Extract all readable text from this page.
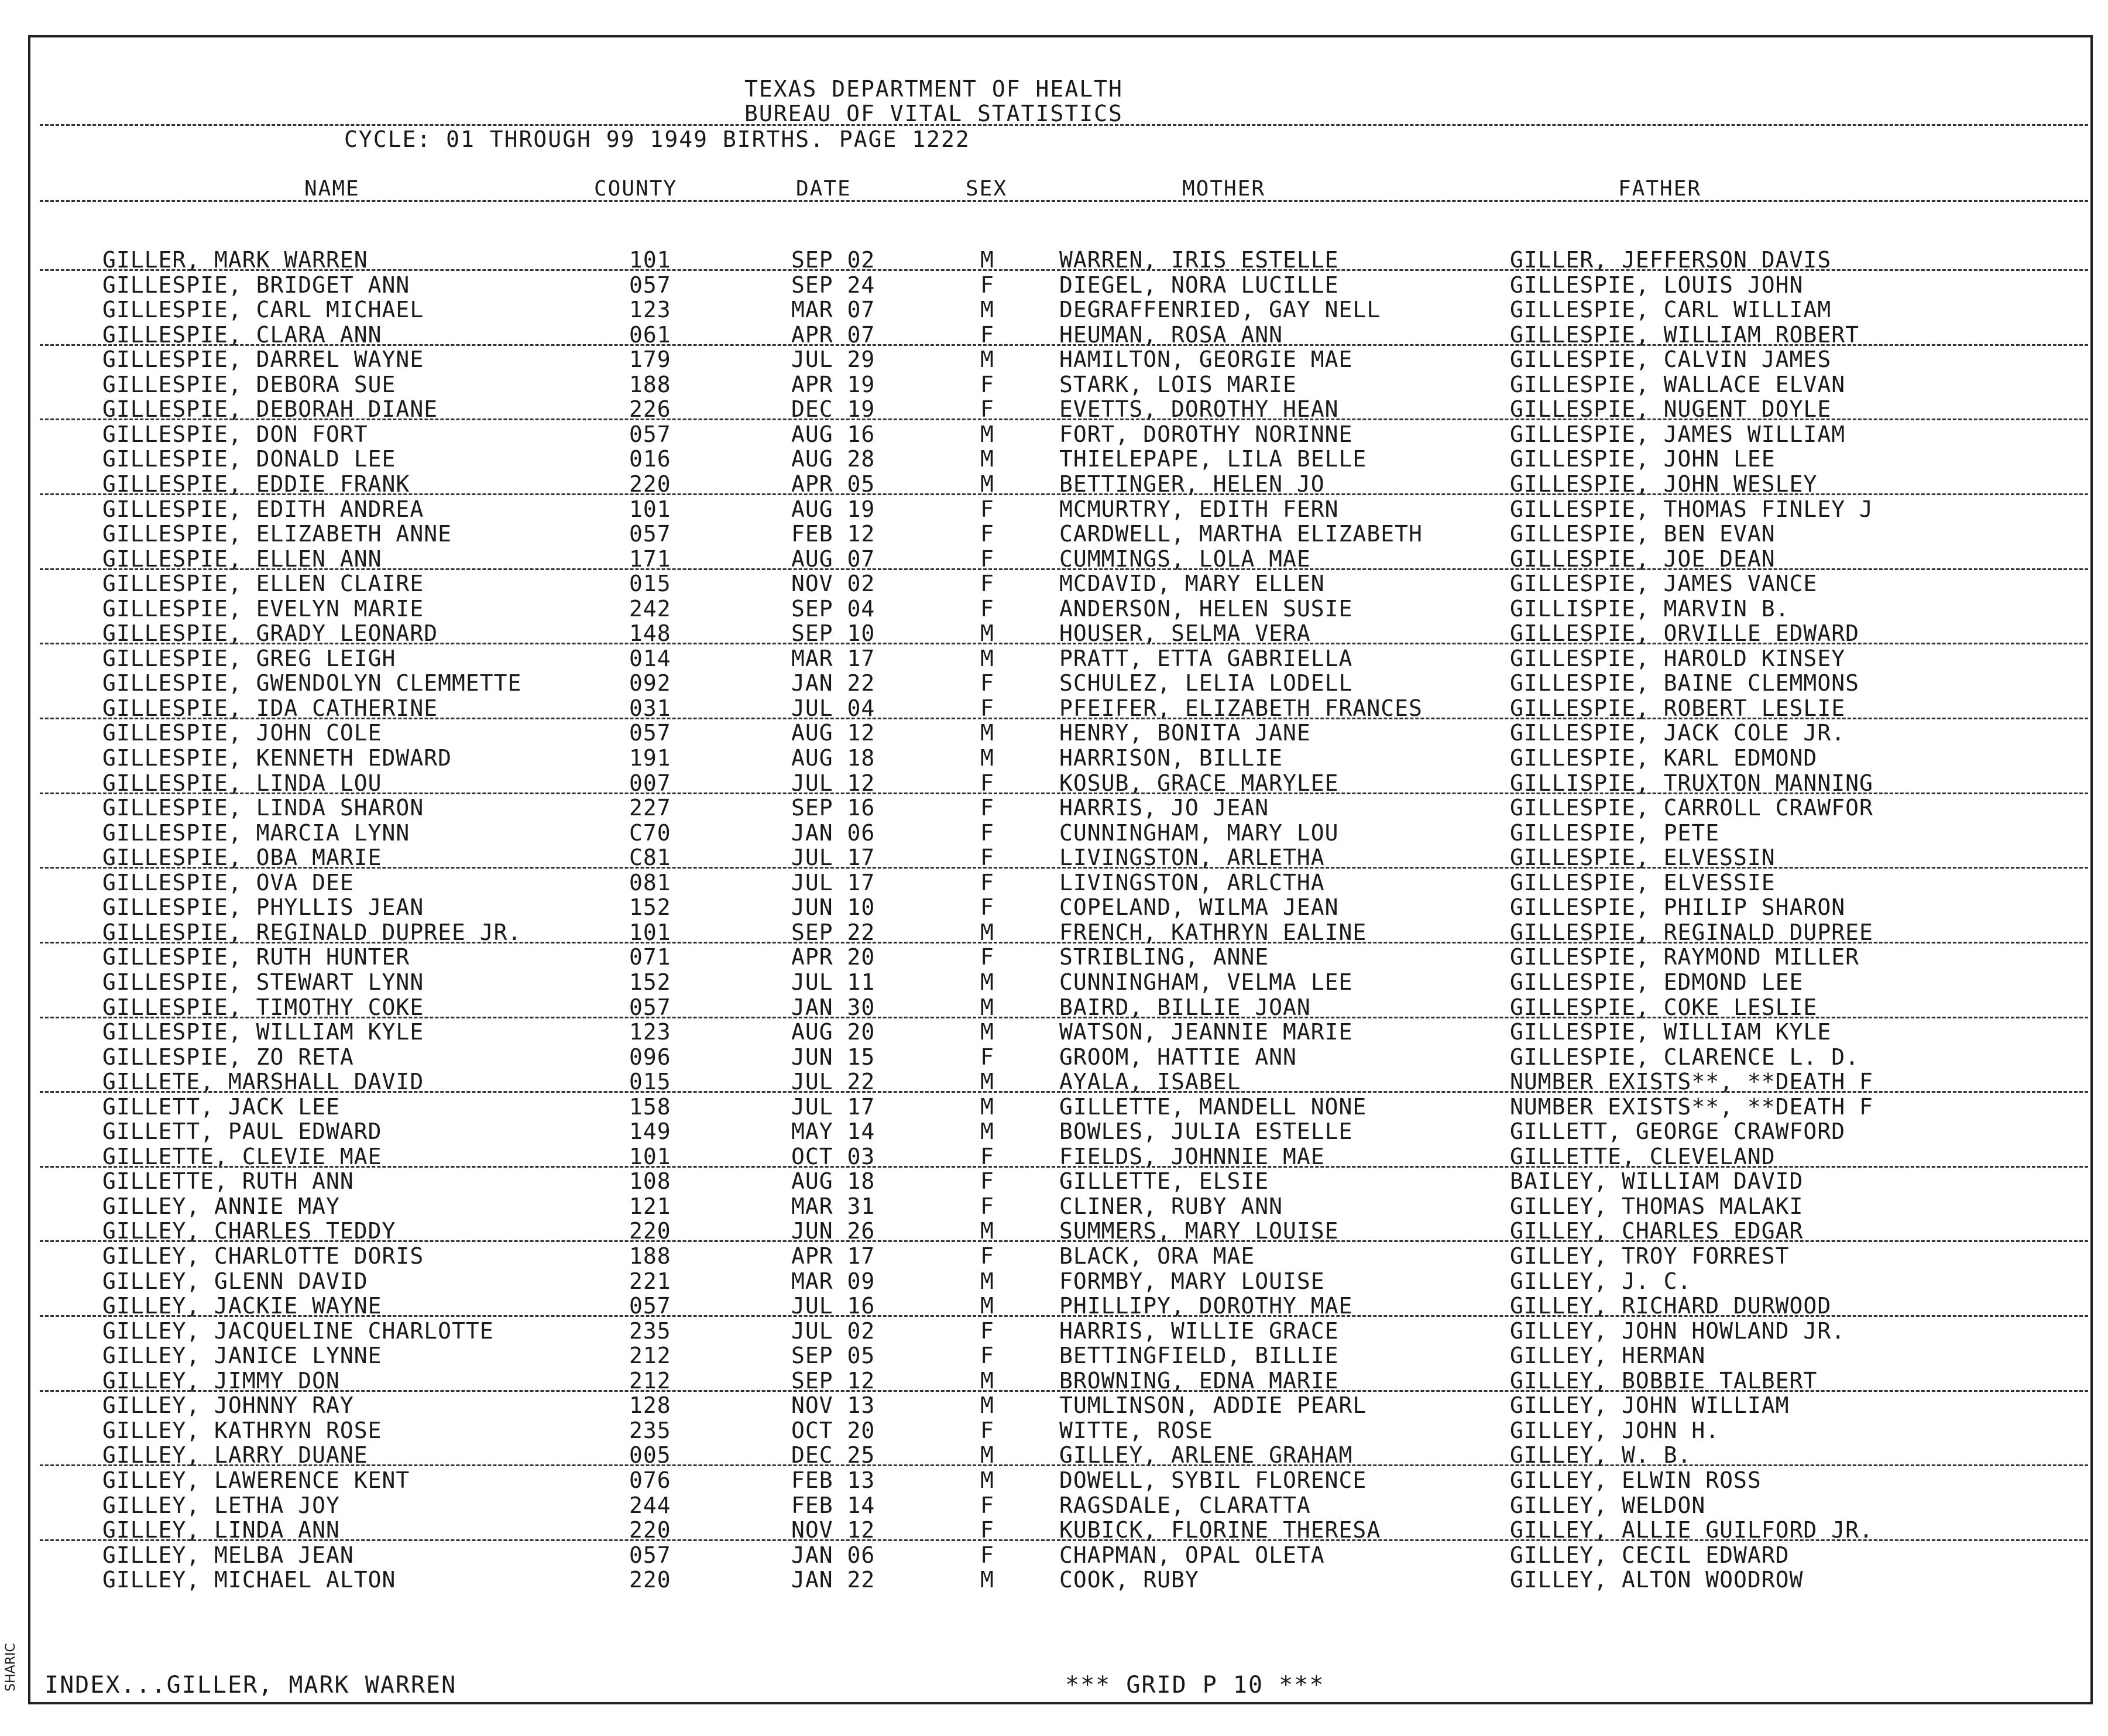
TEXAS DEPARTMENT OF HEALTH
BUREAU OF VITAL STATISTICS
CYCLE: 01 THROUGH 99 1949 BIRTHS. PAGE 1222
NAME	COUNTY	DATE	SEX	MOTHER	FATHER
GILLER, MARK WARREN	101	SEP 02	M	WARREN, IRIS ESTELLE	GILLER, JEFFERSON DAVIS
GILLESPIE, BRIDGET ANN	057	SEP 24	F	DIEGEL, NORA LUCILLE	GILLESPIE, LOUIS JOHN
GILLESPIE, CARL MICHAEL	123	MAR 07	M	DEGRAFFENRIED, GAY NELL	GILLESPIE, CARL WILLIAM
GILLESPIE, CLARA ANN	061	APR 07	F	HEUMAN, ROSA ANN	GILLESPIE, WILLIAM ROBERT
GILLESPIE, DARREL WAYNE	179	JUL 29	M	HAMILTON, GEORGIE MAE	GILLESPIE, CALVIN JAMES
GILLESPIE, DEBORA SUE	188	APR 19	F	STARK, LOIS MARIE	GILLESPIE, WALLACE ELVAN
GILLESPIE, DEBORAH DIANE	226	DEC 19	F	EVETTS, DOROTHY HEAN	GILLESPIE, NUGENT DOYLE
GILLESPIE, DON FORT	057	AUG 16	M	FORT, DOROTHY NORINNE	GILLESPIE, JAMES WILLIAM
GILLESPIE, DONALD LEE	016	AUG 28	M	THIELEPAPE, LILA BELLE	GILLESPIE, JOHN LEE
GILLESPIE, EDDIE FRANK	220	APR 05	M	BETTINGER, HELEN JO	GILLESPIE, JOHN WESLEY
GILLESPIE, EDITH ANDREA	101	AUG 19	F	MCMURTRY, EDITH FERN	GILLESPIE, THOMAS FINLEY J
GILLESPIE, ELIZABETH ANNE	057	FEB 12	F	CARDWELL, MARTHA ELIZABETH	GILLESPIE, BEN EVAN
GILLESPIE, ELLEN ANN	171	AUG 07	F	CUMMINGS, LOLA MAE	GILLESPIE, JOE DEAN
GILLESPIE, ELLEN CLAIRE	015	NOV 02	F	MCDAVID, MARY ELLEN	GILLESPIE, JAMES VANCE
GILLESPIE, EVELYN MARIE	242	SEP 04	F	ANDERSON, HELEN SUSIE	GILLISPIE, MARVIN B.
GILLESPIE, GRADY LEONARD	148	SEP 10	M	HOUSER, SELMA VERA	GILLESPIE, ORVILLE EDWARD
GILLESPIE, GREG LEIGH	014	MAR 17	M	PRATT, ETTA GABRIELLA	GILLESPIE, HAROLD KINSEY
GILLESPIE, GWENDOLYN CLEMMETTE	092	JAN 22	F	SCHULEZ, LELIA LODELL	GILLESPIE, BAINE CLEMMONS
GILLESPIE, IDA CATHERINE	031	JUL 04	F	PFEIFER, ELIZABETH FRANCES	GILLESPIE, ROBERT LESLIE
GILLESPIE, JOHN COLE	057	AUG 12	M	HENRY, BONITA JANE	GILLESPIE, JACK COLE JR.
GILLESPIE, KENNETH EDWARD	191	AUG 18	M	HARRISON, BILLIE	GILLESPIE, KARL EDMOND
GILLESPIE, LINDA LOU	007	JUL 12	F	KOSUB, GRACE MARYLEE	GILLISPIE, TRUXTON MANNING
GILLESPIE, LINDA SHARON	227	SEP 16	F	HARRIS, JO JEAN	GILLESPIE, CARROLL CRAWFOR
GILLESPIE, MARCIA LYNN	C70	JAN 06	F	CUNNINGHAM, MARY LOU	GILLESPIE, PETE
GILLESPIE, OBA MARIE	C81	JUL 17	F	LIVINGSTON, ARLETHA	GILLESPIE, ELVESSIN
GILLESPIE, OVA DEE	081	JUL 17	F	LIVINGSTON, ARLCTHA	GILLESPIE, ELVESSIE
GILLESPIE, PHYLLIS JEAN	152	JUN 10	F	COPELAND, WILMA JEAN	GILLESPIE, PHILIP SHARON
GILLESPIE, REGINALD DUPREE JR.	101	SEP 22	M	FRENCH, KATHRYN EALINE	GILLESPIE, REGINALD DUPREE
GILLESPIE, RUTH HUNTER	071	APR 20	F	STRIBLING, ANNE	GILLESPIE, RAYMOND MILLER
GILLESPIE, STEWART LYNN	152	JUL 11	M	CUNNINGHAM, VELMA LEE	GILLESPIE, EDMOND LEE
GILLESPIE, TIMOTHY COKE	057	JAN 30	M	BAIRD, BILLIE JOAN	GILLESPIE, COKE LESLIE
GILLESPIE, WILLIAM KYLE	123	AUG 20	M	WATSON, JEANNIE MARIE	GILLESPIE, WILLIAM KYLE
GILLESPIE, ZO RETA	096	JUN 15	F	GROOM, HATTIE ANN	GILLESPIE, CLARENCE L. D.
GILLETE, MARSHALL DAVID	015	JUL 22	M	AYALA, ISABEL	NUMBER EXISTS**, **DEATH F
GILLETT, JACK LEE	158	JUL 17	M	GILLETTE, MANDELL NONE	NUMBER EXISTS**, **DEATH F
GILLETT, PAUL EDWARD	149	MAY 14	M	BOWLES, JULIA ESTELLE	GILLETT, GEORGE CRAWFORD
GILLETTE, CLEVIE MAE	101	OCT 03	F	FIELDS, JOHNNIE MAE	GILLETTE, CLEVELAND
GILLETTE, RUTH ANN	108	AUG 18	F	GILLETTE, ELSIE	BAILEY, WILLIAM DAVID
GILLEY, ANNIE MAY	121	MAR 31	F	CLINER, RUBY ANN	GILLEY, THOMAS MALAKI
GILLEY, CHARLES TEDDY	220	JUN 26	M	SUMMERS, MARY LOUISE	GILLEY, CHARLES EDGAR
GILLEY, CHARLOTTE DORIS	188	APR 17	F	BLACK, ORA MAE	GILLEY, TROY FORREST
GILLEY, GLENN DAVID	221	MAR 09	M	FORMBY, MARY LOUISE	GILLEY, J. C.
GILLEY, JACKIE WAYNE	057	JUL 16	M	PHILLIPY, DOROTHY MAE	GILLEY, RICHARD DURWOOD
GILLEY, JACQUELINE CHARLOTTE	235	JUL 02	F	HARRIS, WILLIE GRACE	GILLEY, JOHN HOWLAND JR.
GILLEY, JANICE LYNNE	212	SEP 05	F	BETTINGFIELD, BILLIE	GILLEY, HERMAN
GILLEY, JIMMY DON	212	SEP 12	M	BROWNING, EDNA MARIE	GILLEY, BOBBIE TALBERT
GILLEY, JOHNNY RAY	128	NOV 13	M	TUMLINSON, ADDIE PEARL	GILLEY, JOHN WILLIAM
GILLEY, KATHRYN ROSE	235	OCT 20	F	WITTE, ROSE	GILLEY, JOHN H.
GILLEY, LARRY DUANE	005	DEC 25	M	GILLEY, ARLENE GRAHAM	GILLEY, W. B.
GILLEY, LAWERENCE KENT	076	FEB 13	M	DOWELL, SYBIL FLORENCE	GILLEY, ELWIN ROSS
GILLEY, LETHA JOY	244	FEB 14	F	RAGSDALE, CLARATTA	GILLEY, WELDON
GILLEY, LINDA ANN	220	NOV 12	F	KUBICK, FLORINE THERESA	GILLEY, ALLIE GUILFORD JR.
GILLEY, MELBA JEAN	057	JAN 06	F	CHAPMAN, OPAL OLETA	GILLEY, CECIL EDWARD
GILLEY, MICHAEL ALTON	220	JAN 22	M	COOK, RUBY	GILLEY, ALTON WOODROW
INDEX...GILLER, MARK WARREN	*** GRID P 10 ***
SHARIC
